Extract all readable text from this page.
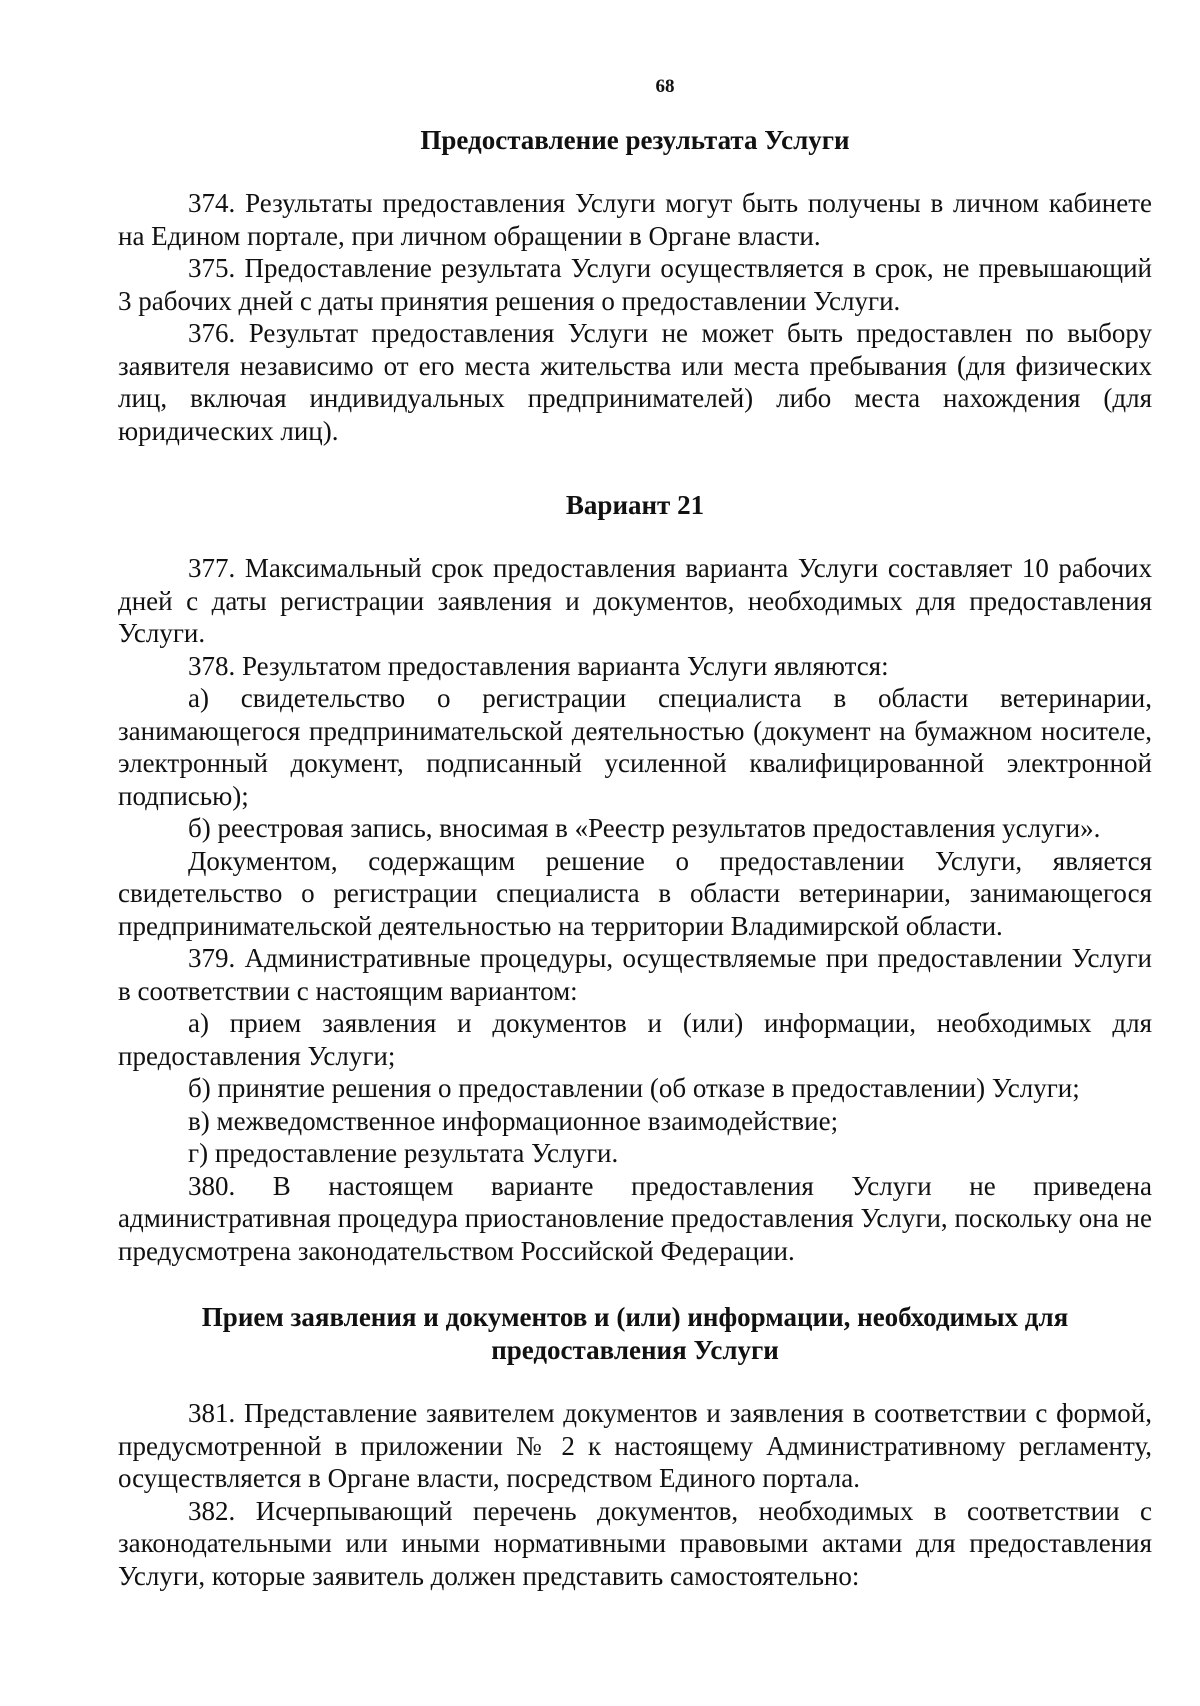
68
Предоставление результата Услуги

374. Результаты предоставления Услуги могут быть получены в личном кабинете на Едином портале, при личном обращении в Органе власти.

375. Предоставление результата Услуги осуществляется в срок, не превышающий 3 рабочих дней с даты принятия решения о предоставлении Услуги.

376. Результат предоставления Услуги не может быть предоставлен по выбору заявителя независимо от его места жительства или места пребывания (для физических лиц, включая индивидуальных предпринимателей) либо места нахождения (для юридических лиц).

Вариант 21

377. Максимальный срок предоставления варианта Услуги составляет 10 рабочих дней с даты регистрации заявления и документов, необходимых для предоставления Услуги.

378. Результатом предоставления варианта Услуги являются:

а) свидетельство о регистрации специалиста в области ветеринарии, занимающегося предпринимательской деятельностью (документ на бумажном носителе, электронный документ, подписанный усиленной квалифицированной электронной подписью);

б) реестровая запись, вносимая в «Реестр результатов предоставления услуги».

Документом, содержащим решение о предоставлении Услуги, является свидетельство о регистрации специалиста в области ветеринарии, занимающегося предпринимательской деятельностью на территории Владимирской области.

379. Административные процедуры, осуществляемые при предоставлении Услуги в соответствии с настоящим вариантом:

а) прием заявления и документов и (или) информации, необходимых для предоставления Услуги;

б) принятие решения о предоставлении (об отказе в предоставлении) Услуги;

в) межведомственное информационное взаимодействие;

г) предоставление результата Услуги.

380. В настоящем варианте предоставления Услуги не приведена административная процедура приостановление предоставления Услуги, поскольку она не предусмотрена законодательством Российской Федерации.

Прием заявления и документов и (или) информации, необходимых для предоставления Услуги

381. Представление заявителем документов и заявления в соответствии с формой, предусмотренной в приложении № 2 к настоящему Административному регламенту, осуществляется в Органе власти, посредством Единого портала.

382. Исчерпывающий перечень документов, необходимых в соответствии с законодательными или иными нормативными правовыми актами для предоставления Услуги, которые заявитель должен представить самостоятельно:
